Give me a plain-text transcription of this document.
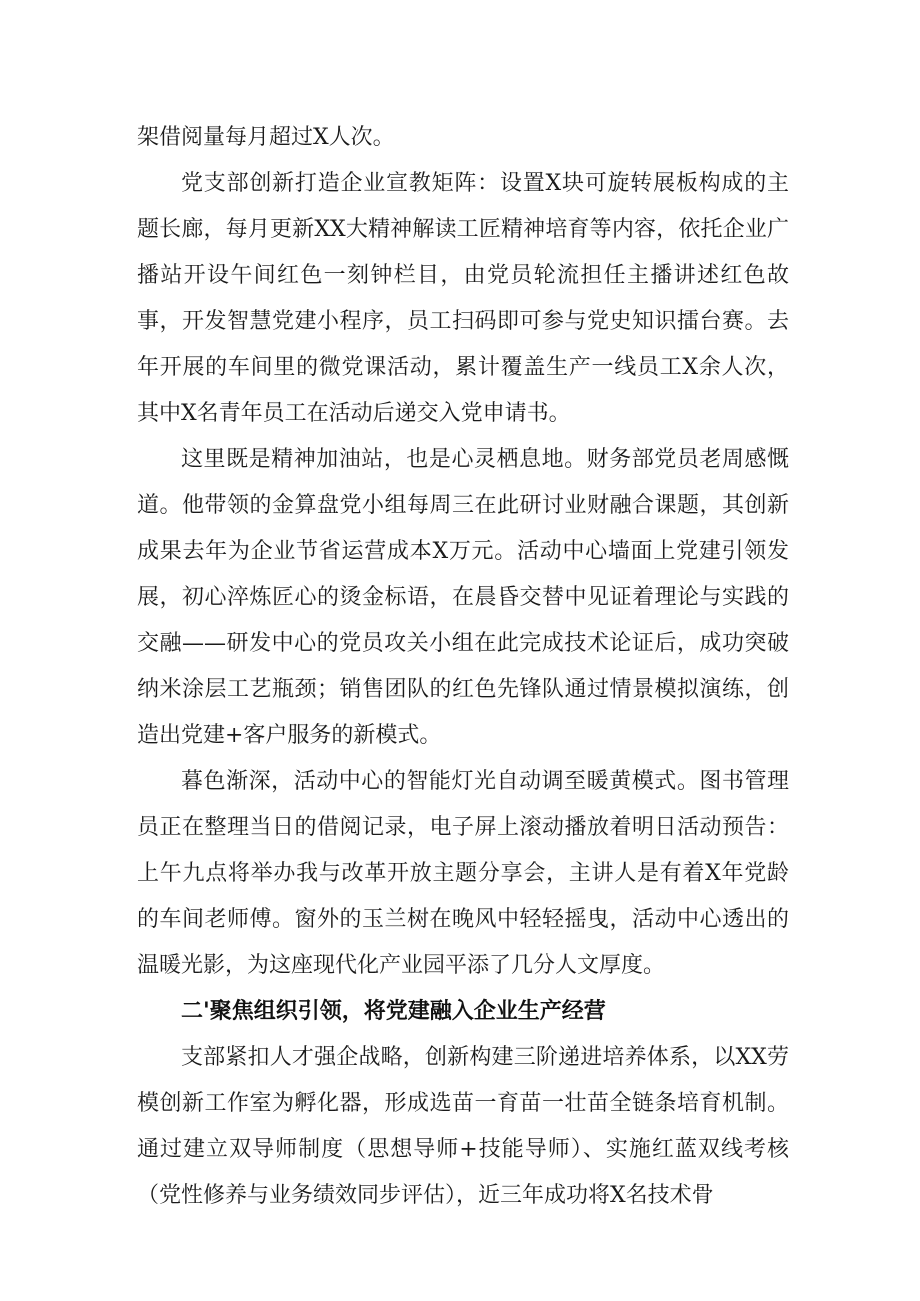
架借阅量每月超过X人次。

党支部创新打造企业宣教矩阵：设置X块可旋转展板构成的主题长廊，每月更新XX大精神解读工匠精神培育等内容，依托企业广播站开设午间红色一刻钟栏目，由党员轮流担任主播讲述红色故事，开发智慧党建小程序，员工扫码即可参与党史知识擂台赛。去年开展的车间里的微党课活动，累计覆盖生产一线员工X余人次，其中X名青年员工在活动后递交入党申请书。

这里既是精神加油站，也是心灵栖息地。财务部党员老周感慨道。他带领的金算盘党小组每周三在此研讨业财融合课题，其创新成果去年为企业节省运营成本X万元。活动中心墙面上党建引领发展，初心淬炼匠心的烫金标语，在晨昏交替中见证着理论与实践的交融——研发中心的党员攻关小组在此完成技术论证后，成功突破纳米涂层工艺瓶颈；销售团队的红色先锋队通过情景模拟演练，创造出党建+客户服务的新模式。

暮色渐深，活动中心的智能灯光自动调至暖黄模式。图书管理员正在整理当日的借阅记录，电子屏上滚动播放着明日活动预告：上午九点将举办我与改革开放主题分享会，主讲人是有着X年党龄的车间老师傅。窗外的玉兰树在晚风中轻轻摇曳，活动中心透出的温暖光影，为这座现代化产业园平添了几分人文厚度。

二'聚焦组织引领，将党建融入企业生产经营

支部紧扣人才强企战略，创新构建三阶递进培养体系，以XX劳模创新工作室为孵化器，形成选苗一育苗一壮苗全链条培育机制。通过建立双导师制度（思想导师+技能导师）、实施红蓝双线考核（党性修养与业务绩效同步评估），近三年成功将X名技术骨
